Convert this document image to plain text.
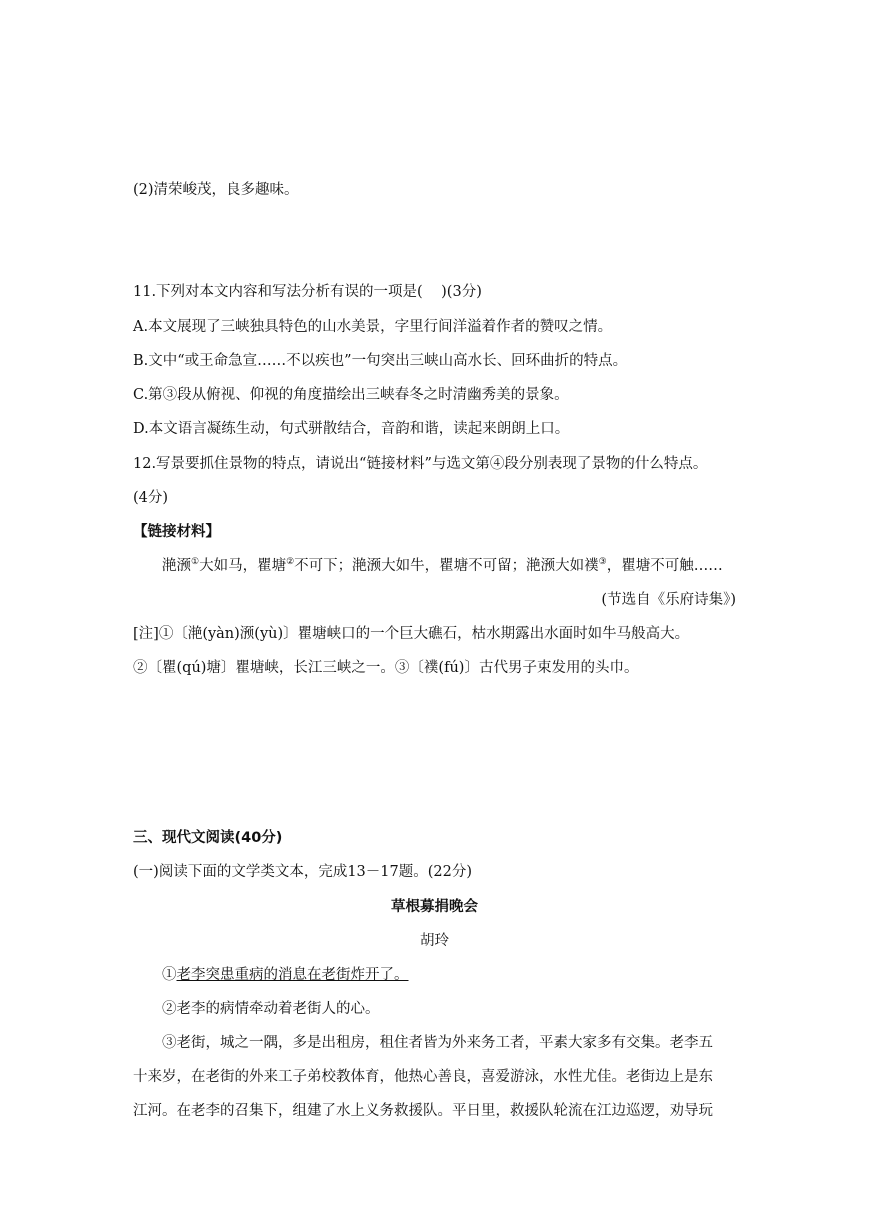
(2)清荣峻茂，良多趣味。
11.下列对本文内容和写法分析有误的一项是(    )(3分)
A.本文展现了三峡独具特色的山水美景，字里行间洋溢着作者的赞叹之情。
B.文中“或王命急宣……不以疾也”一句突出三峡山高水长、回环曲折的特点。
C.第③段从俯视、仰视的角度描绘出三峡春冬之时清幽秀美的景象。
D.本文语言凝练生动，句式骈散结合，音韵和谐，读起来朗朗上口。
12.写景要抓住景物的特点，请说出“链接材料”与选文第④段分别表现了景物的什么特点。
(4分)
【链接材料】
滟滪①大如马，瞿塘②不可下；滟滪大如牛，瞿塘不可留；滟滪大如襆③，瞿塘不可触……
(节选自《乐府诗集》)
[注]①〔滟(yàn)滪(yù)〕瞿塘峡口的一个巨大礁石，枯水期露出水面时如牛马般高大。
②〔瞿(qú)塘〕瞿塘峡，长江三峡之一。③〔襆(fú)〕古代男子束发用的头巾。
三、现代文阅读(40分)
(一)阅读下面的文学类文本，完成13－17题。(22分)
草根募捐晚会
胡玲
①老李突患重病的消息在老街炸开了。
②老李的病情牵动着老街人的心。
③老街，城之一隅，多是出租房，租住者皆为外来务工者，平素大家多有交集。老李五
十来岁，在老街的外来工子弟校教体育，他热心善良，喜爱游泳，水性尤佳。老街边上是东
江河。在老李的召集下，组建了水上义务救援队。平日里，救援队轮流在江边巡逻，劝导玩
